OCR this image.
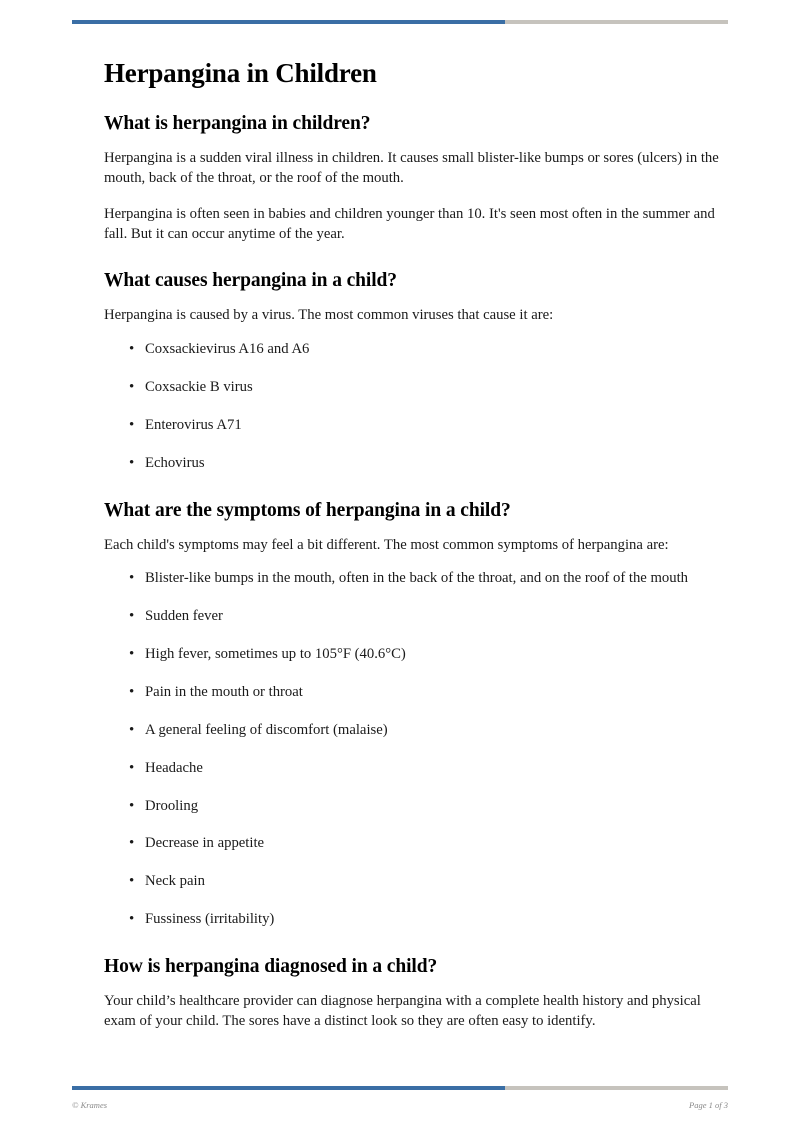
Herpangina in Children
What is herpangina in children?

Herpangina is a sudden viral illness in children. It causes small blister-like bumps or sores (ulcers) in the mouth, back of the throat, or the roof of the mouth.

Herpangina is often seen in babies and children younger than 10. It's seen most often in the summer and fall. But it can occur anytime of the year.

What causes herpangina in a child?

Herpangina is caused by a virus. The most common viruses that cause it are:

• Coxsackievirus A16 and A6
• Coxsackie B virus
• Enterovirus A71
• Echovirus
What are the symptoms of herpangina in a child?

Each child's symptoms may feel a bit different. The most common symptoms of herpangina are:

• Blister-like bumps in the mouth, often in the back of the throat, and on the roof of the mouth
• Sudden fever
• High fever, sometimes up to 105°F (40.6°C)
• Pain in the mouth or throat
• A general feeling of discomfort (malaise)
• Headache
• Drooling
• Decrease in appetite
• Neck pain
• Fussiness (irritability)
How is herpangina diagnosed in a child?

Your child’s healthcare provider can diagnose herpangina with a complete health history and physical exam of your child. The sores have a distinct look so they are often easy to identify.

© Krames	Page 1 of 3
